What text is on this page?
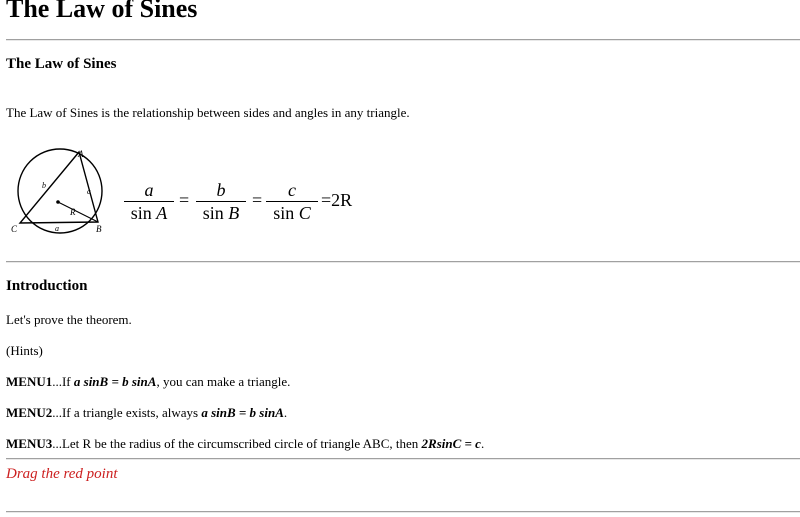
The Law of Sines
The Law of Sines

The Law of Sines is the relationship between sides and angles in any triangle.

A
B
C	a
b
c
R
a
sin A
=	b
sin B
=	c
sin C
=2R
Introduction

Let's prove the theorem.

(Hints)

MENU1...If a sinB = b sinA, you can make a triangle.

MENU2...If a triangle exists, always a sinB = b sinA.

MENU3...Let R be the radius of the circumscribed circle of triangle ABC, then 2RsinC = c.

Drag the red point
